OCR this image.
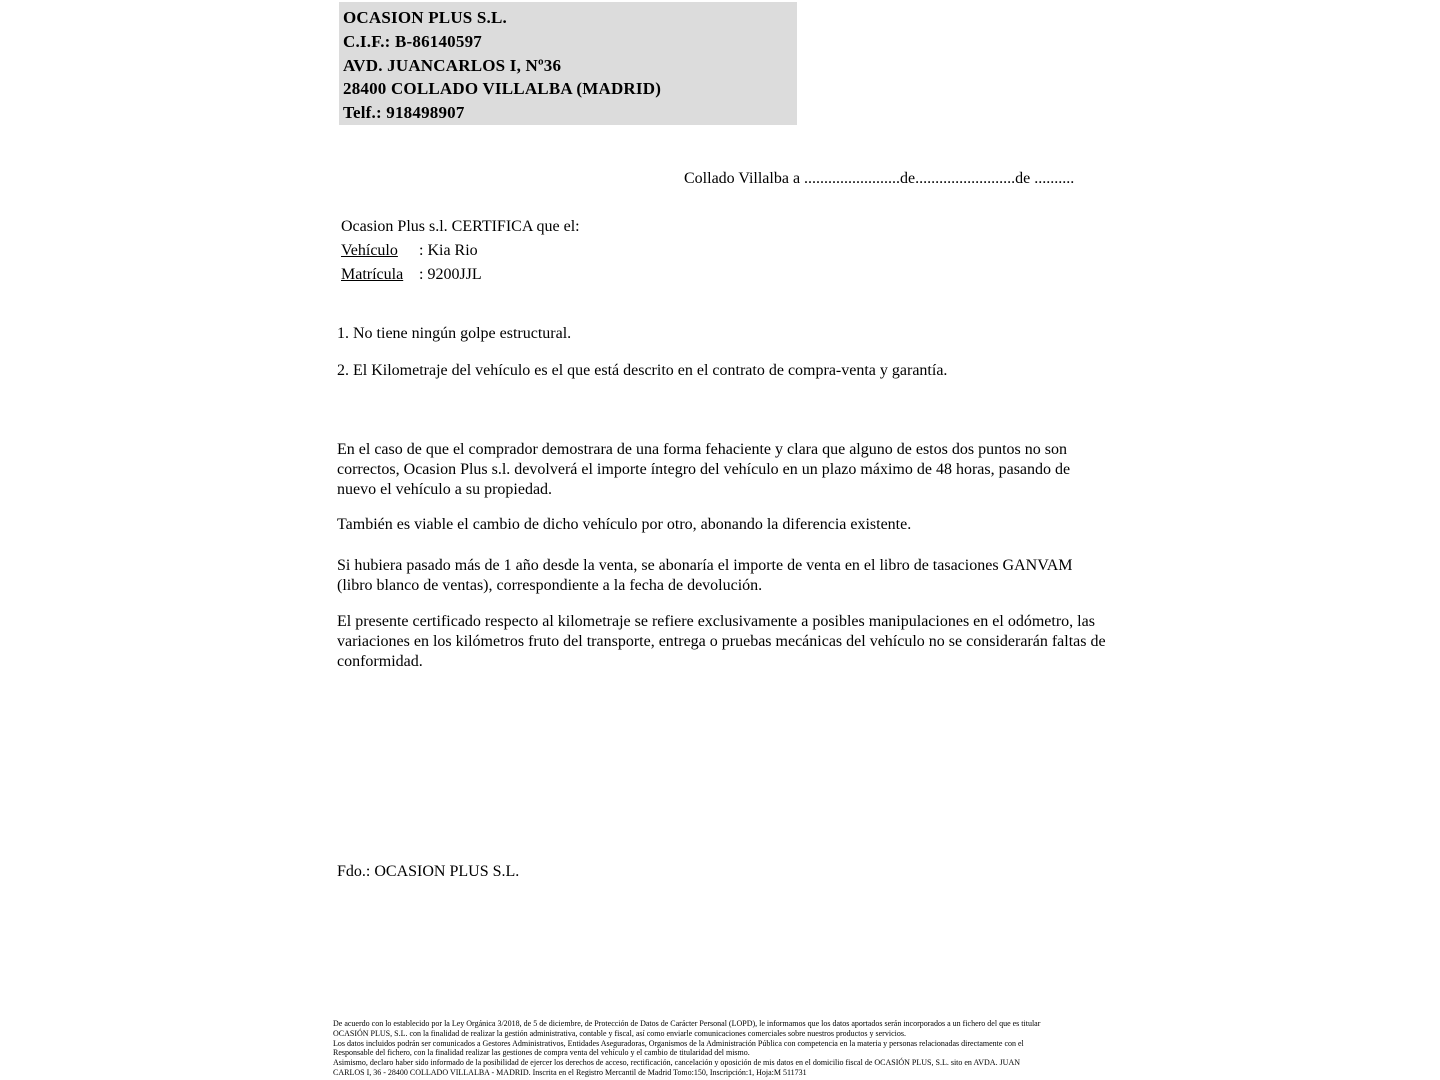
OCASION PLUS S.L.
C.I.F.: B-86140597
AVD. JUANCARLOS I, Nº36
28400 COLLADO VILLALBA (MADRID)
Telf.: 918498907
Collado Villalba a ........................de.........................de ..........
Ocasion Plus s.l. CERTIFICA que el:
Vehículo : Kia Rio
Matrícula : 9200JJL
1. No tiene ningún golpe estructural.
2. El Kilometraje del vehículo es el que está descrito en el contrato de compra-venta y garantía.
En el caso de que el comprador demostrara de una forma fehaciente y clara que alguno de estos dos puntos no son correctos, Ocasion Plus s.l. devolverá el importe íntegro del vehículo en un plazo máximo de 48 horas, pasando de nuevo el vehículo a su propiedad.
También es viable el cambio de dicho vehículo por otro, abonando la diferencia existente.
Si hubiera pasado más de 1 año desde la venta, se abonaría el importe de venta en el libro de tasaciones GANVAM (libro blanco de ventas), correspondiente a la fecha de devolución.
El presente certificado respecto al kilometraje se refiere exclusivamente a posibles manipulaciones en el odómetro, las variaciones en los kilómetros fruto del transporte, entrega o pruebas mecánicas del vehículo no se considerarán faltas de conformidad.
Fdo.: OCASION PLUS S.L.
De acuerdo con lo establecido por la Ley Orgánica 3/2018, de 5 de diciembre, de Protección de Datos de Carácter Personal (LOPD), le informamos que los datos aportados serán incorporados a un fichero del que es titular
OCASIÓN PLUS, S.L. con la finalidad de realizar la gestión administrativa, contable y fiscal, así como enviarle comunicaciones comerciales sobre nuestros productos y servicios.
Los datos incluidos podrán ser comunicados a Gestores Administrativos, Entidades Aseguradoras, Organismos de la Administración Pública con competencia en la materia y personas relacionadas directamente con el
Responsable del fichero, con la finalidad realizar las gestiones de compra venta del vehículo y el cambio de titularidad del mismo.
Asimismo, declaro haber sido informado de la posibilidad de ejercer los derechos de acceso, rectificación, cancelación y oposición de mis datos en el domicilio fiscal de OCASIÓN PLUS, S.L. sito en AVDA. JUAN
CARLOS I, 36 - 28400 COLLADO VILLALBA - MADRID. Inscrita en el Registro Mercantil de Madrid Tomo:150, Inscripción:1, Hoja:M 511731
